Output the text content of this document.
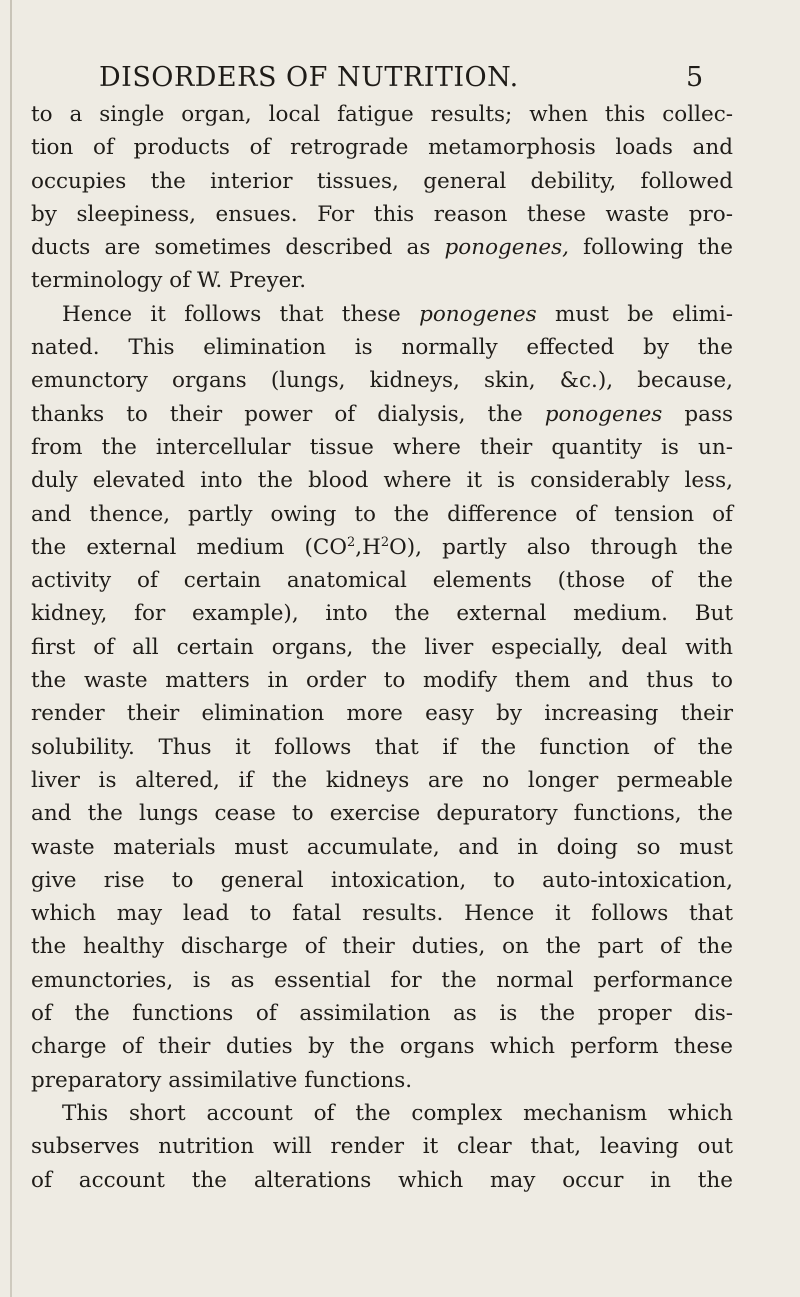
DISORDERS OF NUTRITION.	5
to a single organ, local fatigue results; when this collec-
tion of products of retrograde metamorphosis loads and
occupies the interior tissues, general debility, followed
by sleepiness, ensues. For this reason these waste pro-
ducts are sometimes described as ponogenes, following the
terminology of W. Preyer.
Hence it follows that these ponogenes must be elimi-
nated. This elimination is normally effected by the
emunctory organs (lungs, kidneys, skin, &c.), because,
thanks to their power of dialysis, the ponogenes pass
from the intercellular tissue where their quantity is un-
duly elevated into the blood where it is considerably less,
and thence, partly owing to the difference of tension of
the external medium $(CO^2,H^2O)$, partly also through the
activity of certain anatomical elements (those of the
kidney, for example), into the external medium. But
first of all certain organs, the liver especially, deal with
the waste matters in order to modify them and thus to
render their elimination more easy by increasing their
solubility. Thus it follows that if the function of the
liver is altered, if the kidneys are no longer permeable
and the lungs cease to exercise depuratory functions, the
waste materials must accumulate, and in doing so must
give rise to general intoxication, to auto-intoxication,
which may lead to fatal results. Hence it follows that
the healthy discharge of their duties, on the part of the
emunctories, is as essential for the normal performance
of the functions of assimilation as is the proper dis-
charge of their duties by the organs which perform these
preparatory assimilative functions.
This short account of the complex mechanism which
subserves nutrition will render it clear that, leaving out
of account the alterations which may occur in the
